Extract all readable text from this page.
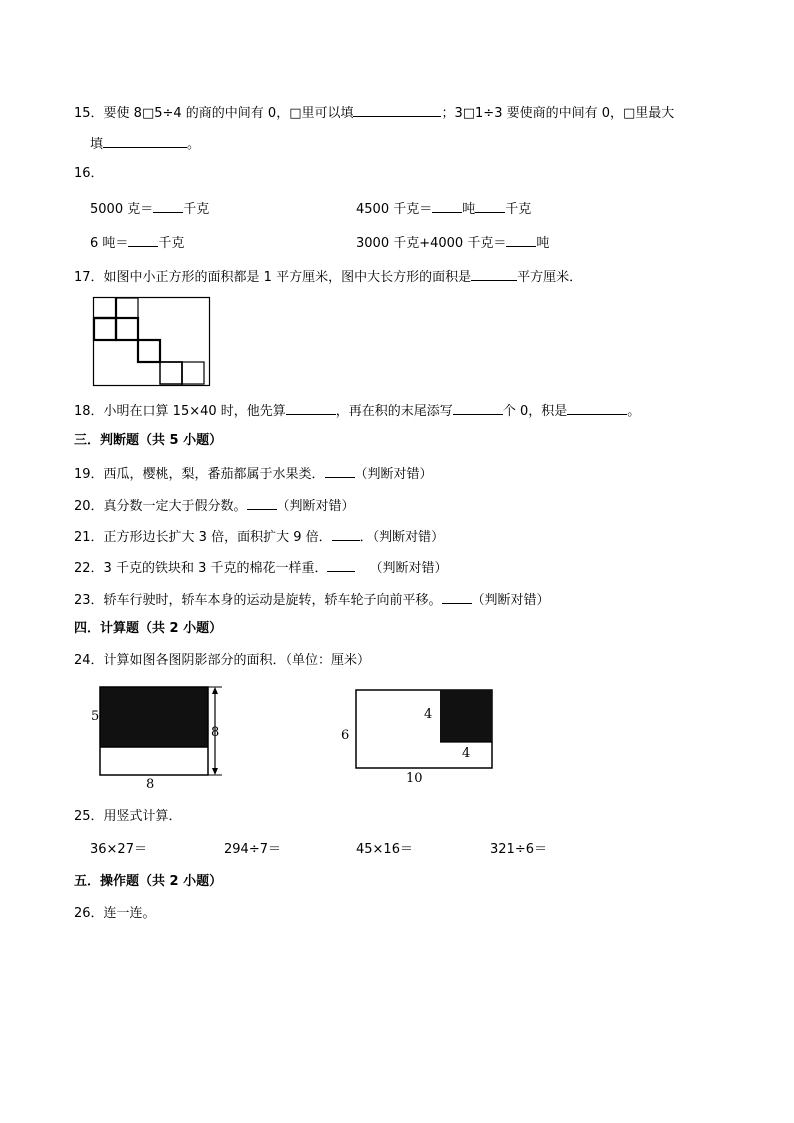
15．要使 8□5÷4 的商的中间有 0，□里可以填	；3□1÷3 要使商的中间有 0，□里最大
填	。
16．
5000 克＝ 千克	4500 千克＝ 吨 千克
6 吨＝ 千克	3000 千克+4000 千克＝ 吨
17．如图中小正方形的面积都是 1 平方厘米，图中大长方形的面积是	平方厘米．
18．小明在口算 15×40 时，他先算	，再在积的末尾添写	个 0，积是	。
三．判断题（共 5 小题）
19．西瓜，樱桃，梨，番茄都属于水果类． （判断对错）
20．真分数一定大于假分数。 （判断对错）
21．正方形边长扩大 3 倍，面积扩大 9 倍． ．（判断对错）
22．3 千克的铁块和 3 千克的棉花一样重．	（判断对错）
23．轿车行驶时，轿车本身的运动是旋转，轿车轮子向前平移。 （判断对错）
四．计算题（共 2 小题）
24．计算如图各图阴影部分的面积．（单位：厘米）
5
8
8
6
4
4
10
25．用竖式计算．
36×27＝	294÷7＝	45×16＝	321÷6＝
五．操作题（共 2 小题）
26．连一连。
